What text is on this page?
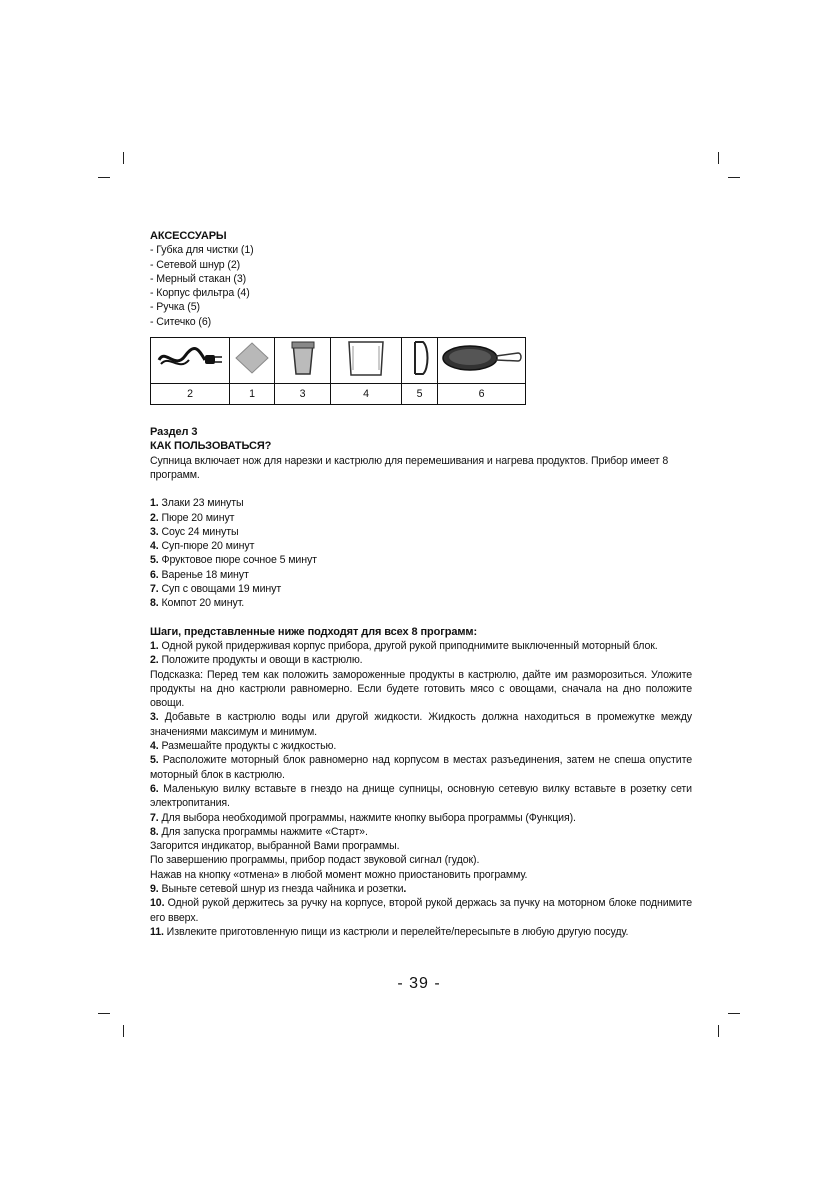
АКСЕССУАРЫ

- Губка для чистки (1)
- Сетевой шнур (2)
- Мерный стакан (3)
- Корпус фильтра (4)
- Ручка (5)
- Ситечко (6)

2	1	3	4	5	6

Раздел 3

КАК ПОЛЬЗОВАТЬСЯ?

Супница включает нож для нарезки и кастрюлю для перемешивания и нагрева продуктов. Прибор имеет 8 программ.

1. Злаки 23 минуты
2. Пюре 20 минут
3. Соус 24 минуты
4. Суп-пюре 20 минут
5. Фруктовое пюре сочное 5 минут
6. Варенье 18 минут
7. Суп с овощами 19 минут
8. Компот 20 минут.

Шаги, представленные ниже подходят для всех 8 программ:

1. Одной рукой придерживая корпус прибора, другой рукой приподнимите выключенный моторный блок.

2. Положите продукты и овощи в кастрюлю.

Подсказка: Перед тем как положить замороженные продукты в кастрюлю, дайте им разморозиться. Уложите продукты на дно кастрюли равномерно. Если будете готовить мясо с овощами, сначала на дно положите овощи.

3. Добавьте в кастрюлю воды или другой жидкости. Жидкость должна находиться в промежутке между значениями максимум и минимум.

4. Размешайте продукты с жидкостью.

5. Расположите моторный блок равномерно над корпусом в местах разъединения, затем не спеша опустите моторный блок в кастрюлю.

6. Маленькую вилку вставьте в гнездо на днище супницы, основную сетевую вилку вставьте в розетку сети электропитания.

7. Для выбора необходимой программы, нажмите кнопку выбора программы (Функция).

8. Для запуска программы нажмите «Старт».

Загорится индикатор, выбранной Вами программы.

По завершению программы, прибор подаст звуковой сигнал (гудок).

Нажав на кнопку «отмена» в любой момент можно приостановить программу.

9. Выньте сетевой шнур из гнезда чайника и розетки.

10. Одной рукой держитесь за ручку на корпусе, второй рукой держась за пучку на моторном блоке поднимите его вверх.

11. Извлеките приготовленную пищи из кастрюли и перелейте/пересыпьте в любую другую посуду.

- 39 -
